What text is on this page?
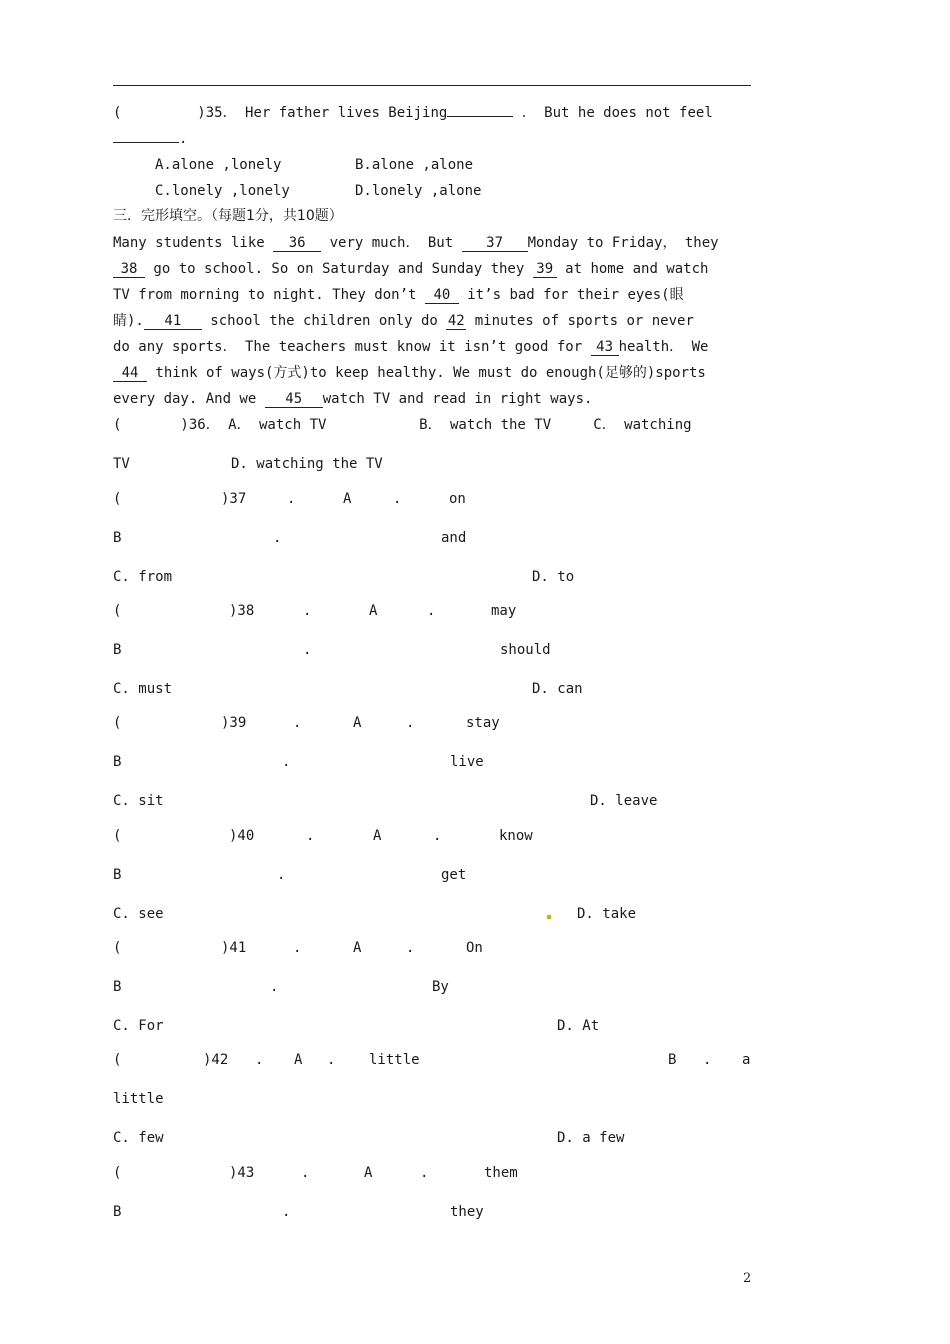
(	)35． Her father lives Beijing	． But he does not feel
.
A.alone ,lonely	B.alone ,alone
C.lonely ,lonely	D.lonely ,alone
三．完形填空。（每题1分，共10题）
Many students like 36 very much． But 37 Monday to Friday， they
38 go to school. So on Saturday and Sunday they 39 at home and watch
TV from morning to night. They don’t 40 it’s bad for their eyes(眼
睛). 41 school the children only do 42 minutes of sports or never
do any sports． The teachers must know it isn’t good for 43 health． We
44 think of ways(方式)to keep healthy. We must do enough(足够的)sports
every day. And we 45 watch TV and read in right ways.
(       )36． A． watch TV           B． watch the TV     C． watching
TV            D. watching the TV
(	)37	.	A	.	on
B	.	and
C. from	D. to
(	)38	.	A	.	may
B	.	should
C. must	D. can
(	)39	.	A	.	stay
B	.	live
C. sit	D. leave
(	)40	.	A	.	know
B	.	get
C. see	D. take
(	)41	.	A	.	On
B	.	By
C. For	D. At
(	)42 . A . little	B . a
little
C. few	D. a few
(	)43	.	A	.	them
B	.	they
2
